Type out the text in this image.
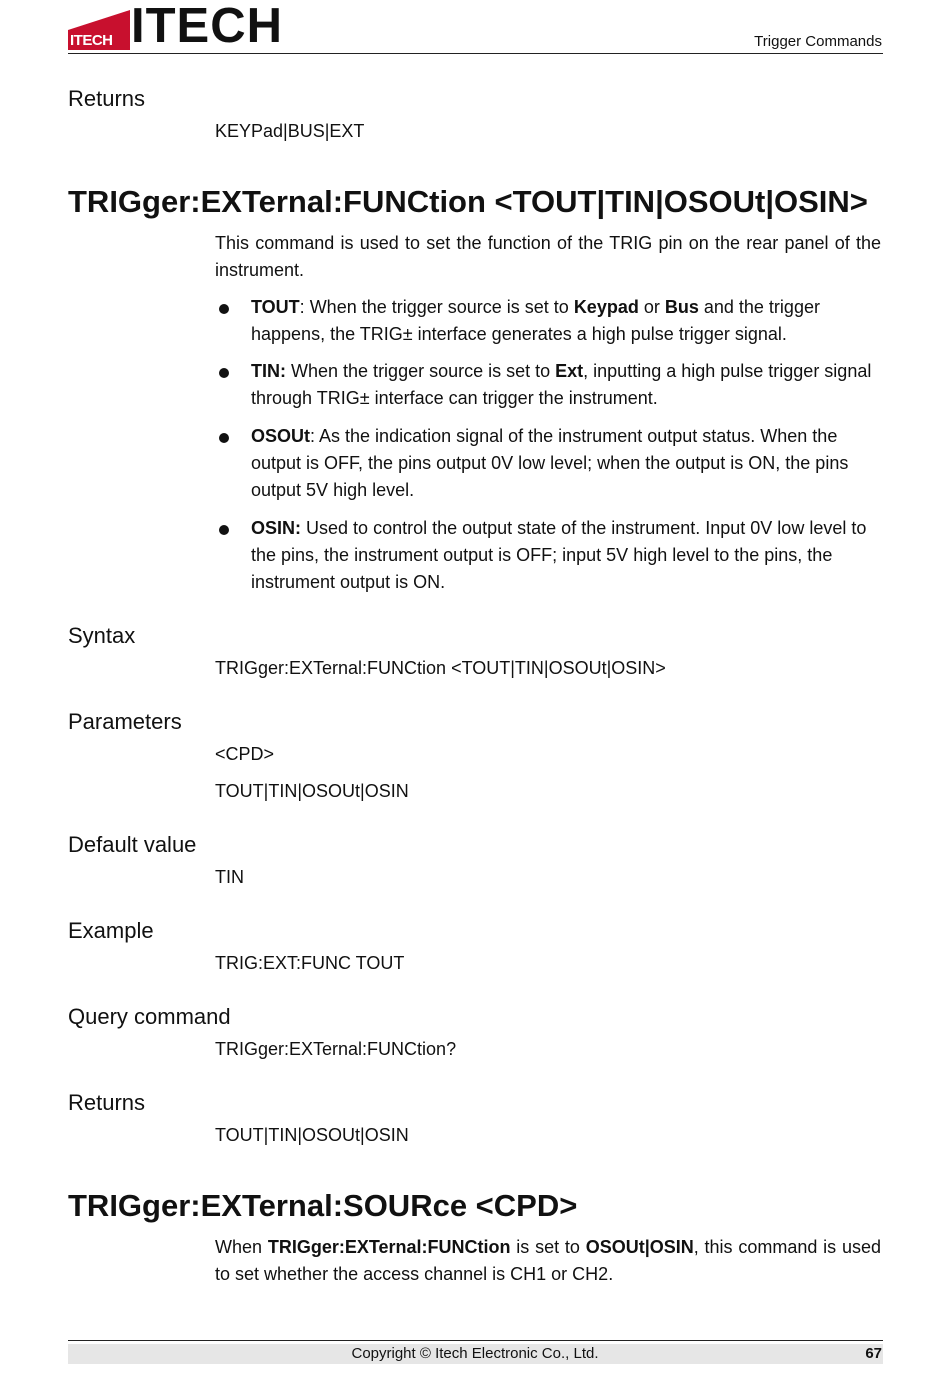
ITECH ITECH	Trigger Commands
Returns
KEYPad|BUS|EXT
TRIGger:EXTernal:FUNCtion <TOUT|TIN|OSOUt|OSIN>
This command is used to set the function of the TRIG pin on the rear panel of the instrument.
TOUT: When the trigger source is set to Keypad or Bus and the trigger happens, the TRIG± interface generates a high pulse trigger signal.
TIN: When the trigger source is set to Ext, inputting a high pulse trigger signal through TRIG± interface can trigger the instrument.
OSOUt: As the indication signal of the instrument output status. When the output is OFF, the pins output 0V low level; when the output is ON, the pins output 5V high level.
OSIN: Used to control the output state of the instrument. Input 0V low level to the pins, the instrument output is OFF; input 5V high level to the pins, the instrument output is ON.
Syntax
TRIGger:EXTernal:FUNCtion <TOUT|TIN|OSOUt|OSIN>
Parameters
<CPD>
TOUT|TIN|OSOUt|OSIN
Default value
TIN
Example
TRIG:EXT:FUNC TOUT
Query command
TRIGger:EXTernal:FUNCtion?
Returns
TOUT|TIN|OSOUt|OSIN
TRIGger:EXTernal:SOURce <CPD>
When TRIGger:EXTernal:FUNCtion is set to OSOUt|OSIN, this command is used to set whether the access channel is CH1 or CH2.
Copyright © Itech Electronic Co., Ltd.	67
